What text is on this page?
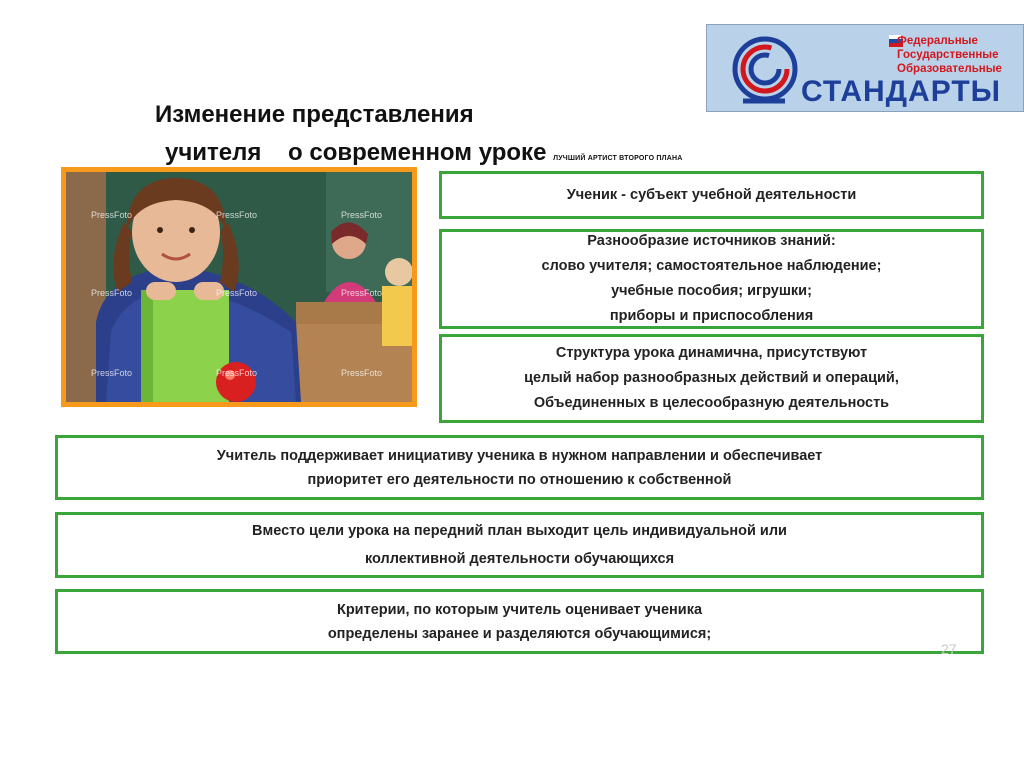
Изменение представления
учителя    о современном уроке ЛУЧШИЙ АРТИСТ ВТОРОГО ПЛАНА
Федеральные
Государственные
Образовательные
СТАНДАРТЫ
PressFoto	PressFoto	PressFoto
PressFoto	PressFoto	PressFoto
PressFoto	PressFoto	PressFoto
Ученик - субъект учебной деятельности
Разнообразие источников знаний:
слово учителя; самостоятельное наблюдение;
учебные пособия; игрушки;
приборы и приспособления
Структура урока динамична, присутствуют
целый набор разнообразных действий и операций,
Объединенных в целесообразную деятельность
Учитель поддерживает инициативу ученика в нужном направлении и обеспечивает
приоритет его деятельности по отношению к собственной
Вместо цели урока на передний план выходит цель индивидуальной или
коллективной деятельности обучающихся
Критерии, по которым учитель оценивает ученика
определены заранее и разделяются обучающимися;
27
